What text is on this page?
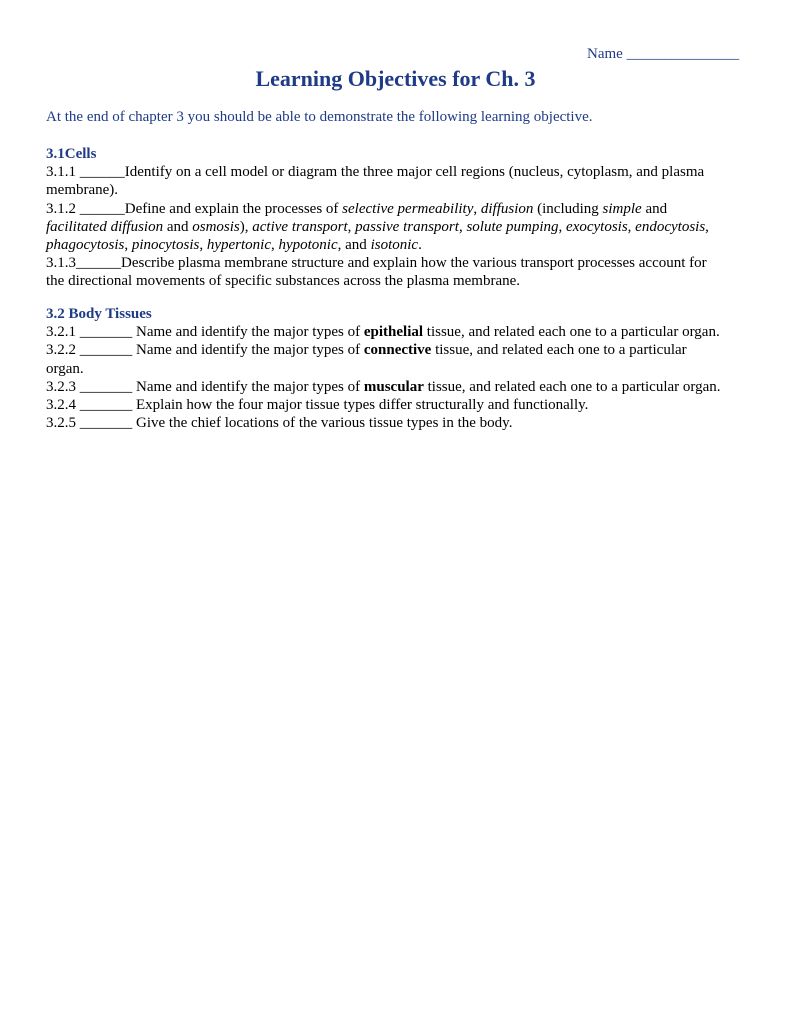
Name _______________
Learning Objectives for Ch. 3
At the end of chapter 3 you should be able to demonstrate the following learning objective.
3.1Cells
3.1.1 ______Identify on a cell model or diagram the three major cell regions (nucleus, cytoplasm, and plasma
membrane).
3.1.2 ______Define and explain the processes of selective permeability, diffusion (including simple and
facilitated diffusion and osmosis), active transport, passive transport, solute pumping, exocytosis, endocytosis,
phagocytosis, pinocytosis, hypertonic, hypotonic, and isotonic.
3.1.3______Describe plasma membrane structure and explain how the various transport processes account for
the directional movements of specific substances across the plasma membrane.
3.2 Body Tissues
3.2.1 _______ Name and identify the major types of epithelial tissue, and related each one to a particular organ.
3.2.2 _______ Name and identify the major types of connective tissue, and related each one to a particular
organ.
3.2.3 _______ Name and identify the major types of muscular tissue, and related each one to a particular organ.
3.2.4 _______ Explain how the four major tissue types differ structurally and functionally.
3.2.5 _______ Give the chief locations of the various tissue types in the body.
